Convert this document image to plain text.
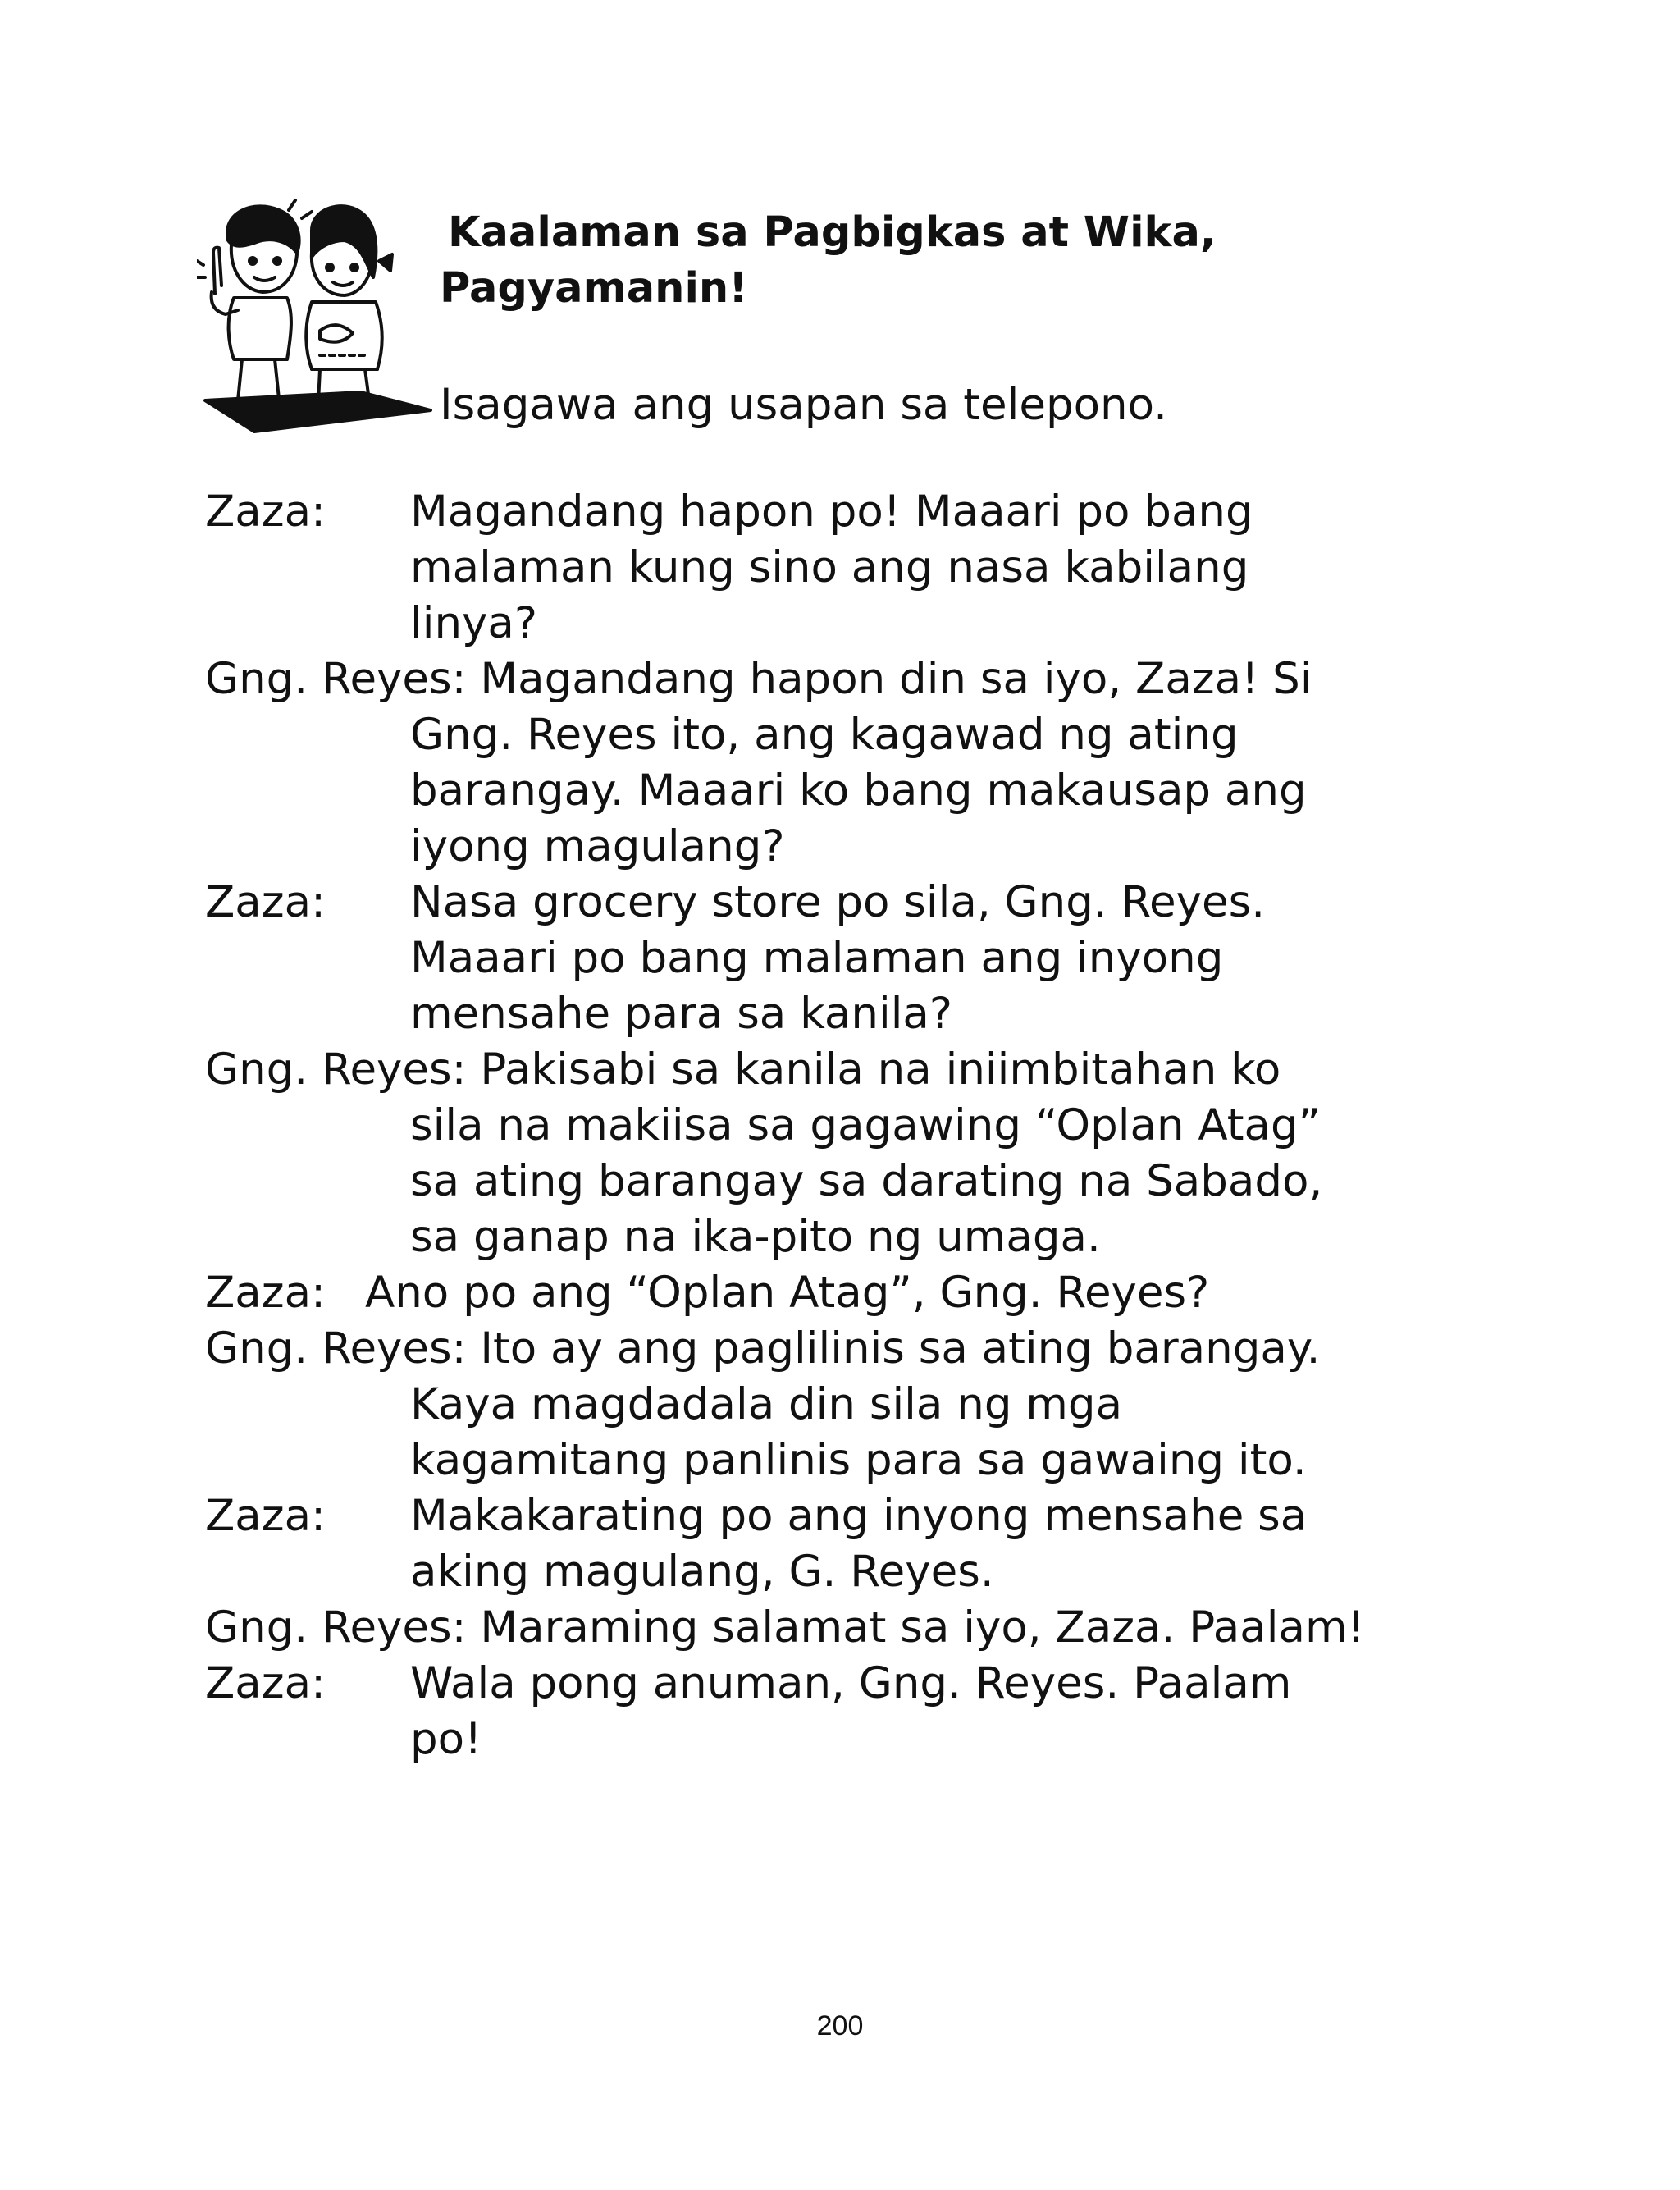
Kaalaman sa Pagbigkas at Wika,
Pagyamanin!
Isagawa ang usapan sa telepono.
Zaza:	Magandang hapon po! Maaari po bang
malaman kung sino ang nasa kabilang
linya?
Gng. Reyes: Magandang hapon din sa iyo, Zaza! Si
Gng. Reyes ito, ang kagawad ng ating
barangay. Maaari ko bang makausap ang
iyong magulang?
Zaza:	Nasa grocery store po sila, Gng. Reyes.
Maaari po bang malaman ang inyong
mensahe para sa kanila?
Gng. Reyes: Pakisabi sa kanila na iniimbitahan ko
sila na makiisa sa gagawing “Oplan Atag”
sa ating barangay sa darating na Sabado,
sa ganap na ika-pito ng umaga.
Zaza: Ano po ang “Oplan Atag”, Gng. Reyes?
Gng. Reyes: Ito ay ang paglilinis sa ating barangay.
Kaya magdadala din sila ng mga
kagamitang panlinis para sa gawaing ito.
Zaza:	Makakarating po ang inyong mensahe sa
aking magulang, G. Reyes.
Gng. Reyes: Maraming salamat sa iyo, Zaza. Paalam!
Zaza:	Wala pong anuman, Gng. Reyes. Paalam
po!
200
